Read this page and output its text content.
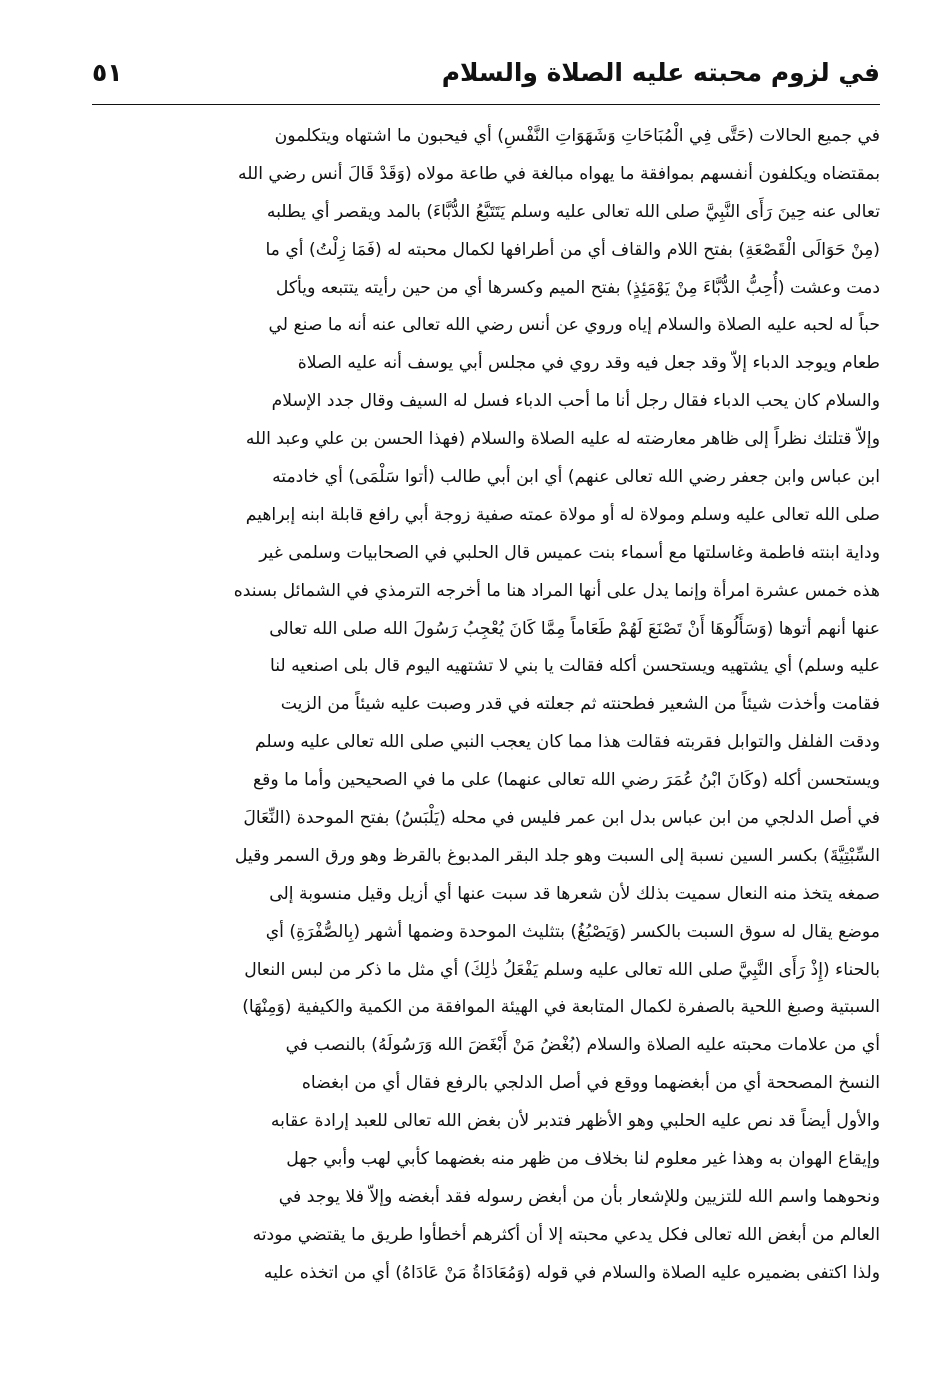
في لزوم محبته عليه الصلاة والسلام
٥١
في جميع الحالات (حَتَّى فِي الْمُبَاحَاتِ وَشَهَوَاتِ النَّفْسِ) أي فيحبون ما اشتهاه ويتكلمون
بمقتضاه ويكلفون أنفسهم بموافقة ما يهواه مبالغة في طاعة مولاه (وَقَدْ قَالَ أنس رضي الله
تعالى عنه حِينَ رَأَى النَّبِيَّ صلى الله تعالى عليه وسلم يَتَتَبَّعُ الدُّبَّاءَ) بالمد ويقصر أي يطلبه
(مِنْ حَوَالَى الْقَصْعَةِ) بفتح اللام والقاف أي من أطرافها لكمال محبته له (فَمَا زِلْتُ) أي ما
دمت وعشت (أُحِبُّ الدُّبَّاءَ مِنْ يَوْمَئِذٍ) بفتح الميم وكسرها أي من حين رأيته يتتبعه ويأكل
حباً له لحبه عليه الصلاة والسلام إياه وروي عن أنس رضي الله تعالى عنه أنه ما صنع لي
طعام ويوجد الدباء إلاّ وقد جعل فيه وقد روي في مجلس أبي يوسف أنه عليه الصلاة
والسلام كان يحب الدباء فقال رجل أنا ما أحب الدباء فسل له السيف وقال جدد الإسلام
وإلاّ قتلتك نظراً إلى ظاهر معارضته له عليه الصلاة والسلام (فهذا الحسن بن علي وعبد الله
ابن عباس وابن جعفر رضي الله تعالى عنهم) أي ابن أبي طالب (أتوا سَلْمَى) أي خادمته
صلى الله تعالى عليه وسلم ومولاة له أو مولاة عمته صفية زوجة أبي رافع قابلة ابنه إبراهيم
وداية ابنته فاطمة وغاسلتها مع أسماء بنت عميس قال الحلبي في الصحابيات وسلمى غير
هذه خمس عشرة امرأة وإنما يدل على أنها المراد هنا ما أخرجه الترمذي في الشمائل بسنده
عنها أنهم أتوها (وَسَأَلُوهَا أَنْ تَصْنَعَ لَهُمْ طَعَاماً مِمَّا كَانَ يُعْجِبُ رَسُولَ الله صلى الله تعالى
عليه وسلم) أي يشتهيه ويستحسن أكله فقالت يا بني لا تشتهيه اليوم قال بلى اصنعيه لنا
فقامت وأخذت شيئاً من الشعير فطحنته ثم جعلته في قدر وصبت عليه شيئاً من الزيت
ودقت الفلفل والتوابل فقربته فقالت هذا مما كان يعجب النبي صلى الله تعالى عليه وسلم
ويستحسن أكله (وكَانَ ابْنُ عُمَرَ رضي الله تعالى عنهما) على ما في الصحيحين وأما ما وقع
في أصل الدلجي من ابن عباس بدل ابن عمر فليس في محله (يَلْبَسُ) بفتح الموحدة (النِّعَالَ
السِّبْتِيَّةَ) بكسر السين نسبة إلى السبت وهو جلد البقر المدبوغ بالقرظ وهو ورق السمر وقيل
صمغه يتخذ منه النعال سميت بذلك لأن شعرها قد سبت عنها أي أزيل وقيل منسوبة إلى
موضع يقال له سوق السبت بالكسر (وَيَصْبُغُ) بتثليث الموحدة وضمها أشهر (بِالصُّفْرَةِ) أي
بالحناء (إِذْ رَأَى النَّبِيَّ صلى الله تعالى عليه وسلم يَفْعَلُ ذٰلِكَ) أي مثل ما ذكر من لبس النعال
السبتية وصبغ اللحية بالصفرة لكمال المتابعة في الهيئة الموافقة من الكمية والكيفية (وَمِنْهَا)
أي من علامات محبته عليه الصلاة والسلام (بُغْضُ مَنْ أَبْغَضَ الله وَرَسُولَهُ) بالنصب في
النسخ المصححة أي من أبغضهما ووقع في أصل الدلجي بالرفع فقال أي من ابغضاه
والأول أيضاً قد نص عليه الحلبي وهو الأظهر فتدبر لأن بغض الله تعالى للعبد إرادة عقابه
وإيقاع الهوان به وهذا غير معلوم لنا بخلاف من ظهر منه بغضهما كأبي لهب وأبي جهل
ونحوهما واسم الله للتزيين وللإشعار بأن من أبغض رسوله فقد أبغضه وإلاّ فلا يوجد في
العالم من أبغض الله تعالى فكل يدعي محبته إلا أن أكثرهم أخطأوا طريق ما يقتضي مودته
ولذا اكتفى بضميره عليه الصلاة والسلام في قوله (وَمُعَادَاةُ مَنْ عَادَاهُ) أي من اتخذه عليه
